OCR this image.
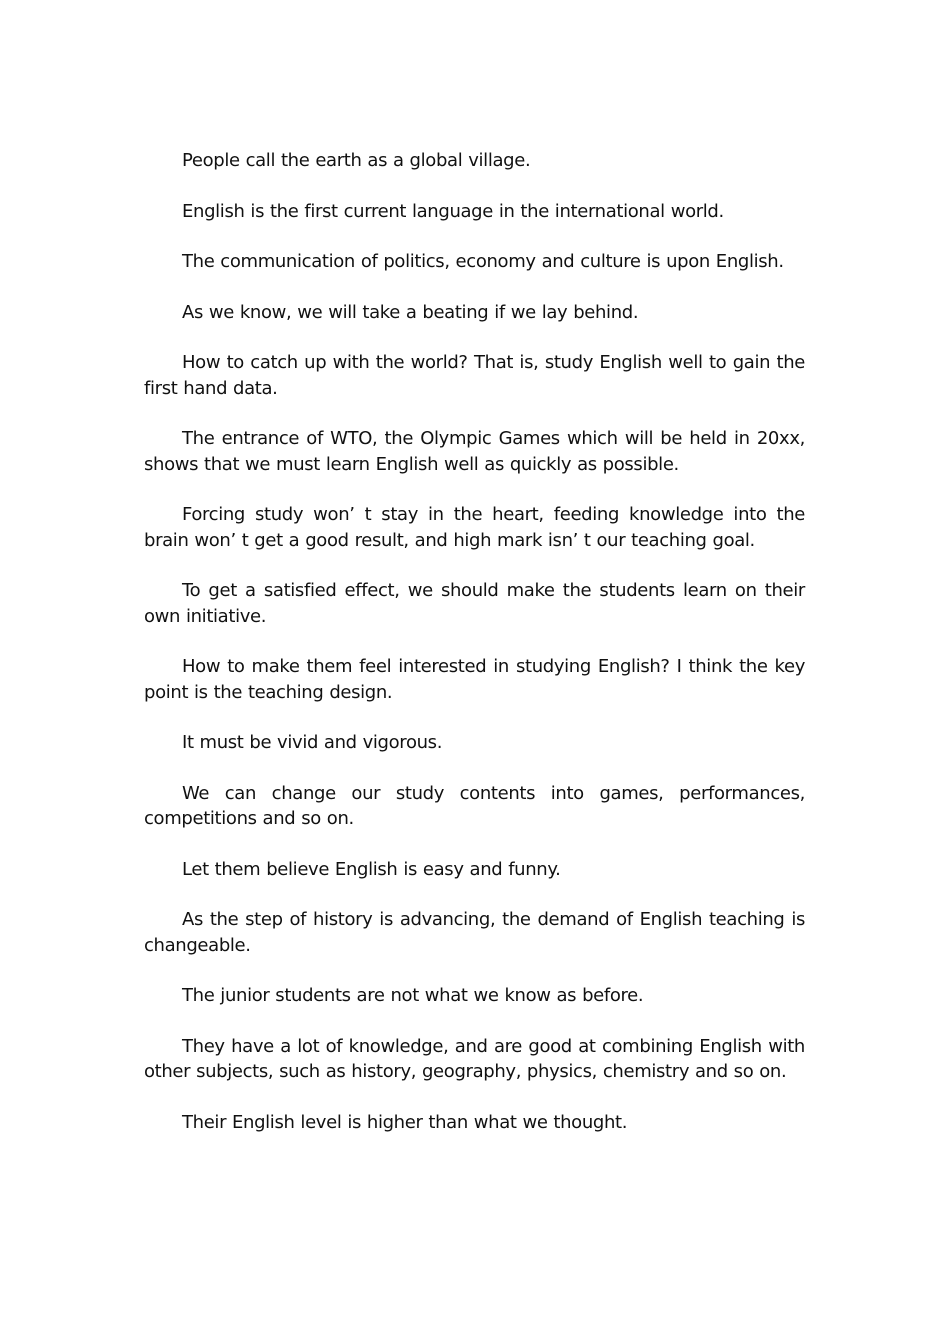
People call the earth as a global village.

English is the first current language in the international world.

The communication of politics, economy and culture is upon English.

As we know, we will take a beating if we lay behind.

How to catch up with the world? That is, study English well to gain the first hand data.

The entrance of WTO, the Olympic Games which will be held in 20xx, shows that we must learn English well as quickly as possible.

Forcing study won’ t stay in the heart, feeding knowledge into the brain won’ t get a good result, and high mark isn’ t our teaching goal.

To get a satisfied effect, we should make the students learn on their own initiative.

How to make them feel interested in studying English? I think the key point is the teaching design.

It must be vivid and vigorous.

We can change our study contents into games, performances, competitions and so on.

Let them believe English is easy and funny.

As the step of history is advancing, the demand of English teaching is changeable.

The junior students are not what we know as before.

They have a lot of knowledge, and are good at combining English with other subjects, such as history, geography, physics, chemistry and so on.

Their English level is higher than what we thought.
